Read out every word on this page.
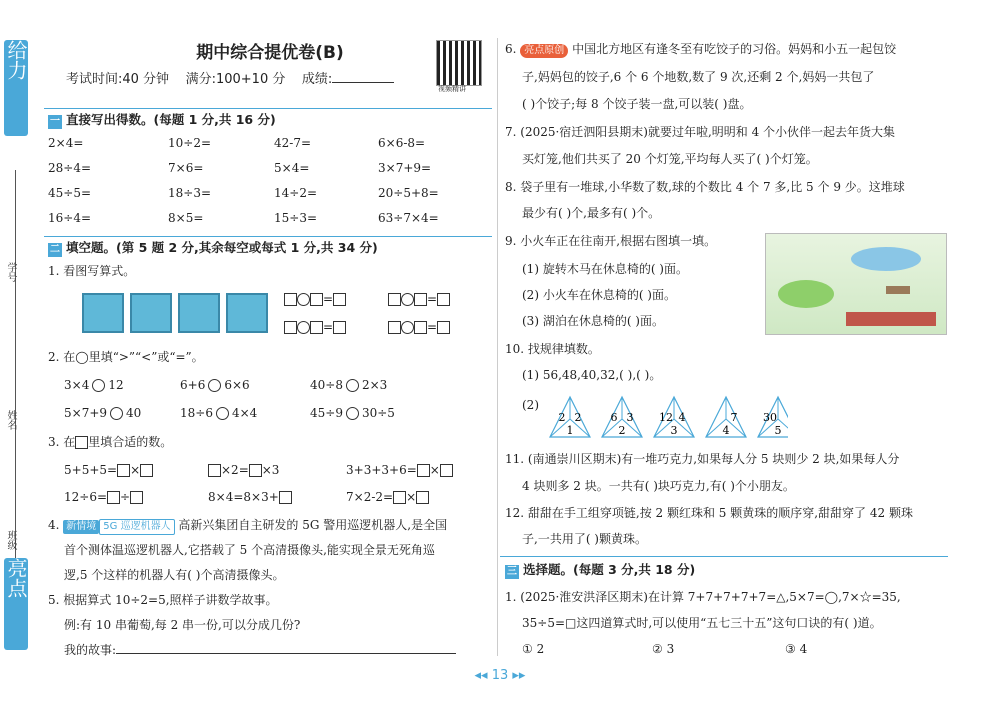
给力
学号
姓名
班级
亮点
期中综合提优卷(B)
考试时间:40 分钟    满分:100+10 分    成绩:
视频精讲
一 直接写出得数。(每题 1 分,共 16 分)
2×4=	10÷2=	42-7=	6×6-8=
28÷4=	7×6=	5×4=	3×7+9=
45÷5=	18÷3=	14÷2=	20÷5+8=
16÷4=	8×5=	15÷3=	63÷7×4=
二 填空题。(第 5 题 2 分,其余每空或每式 1 分,共 34 分)
1. 看图写算式。
=	=
=	=
2. 在◯里填“>”“<”或“=”。
3×4 12	6+6 6×6	40÷8 2×3
5×7+9 40	18÷6 4×4	45÷9 30÷5
3. 在 里填合适的数。
5+5+5= ×	×2= ×3	3+3+3+6= ×
12÷6= ÷	8×4=8×3+	7×2-2= ×
4. 新情境 5G 巡逻机器人 高新兴集团自主研发的 5G 警用巡逻机器人,是全国
首个测体温巡逻机器人,它搭载了 5 个高清摄像头,能实现全景无死角巡
逻,5 个这样的机器人有( )个高清摄像头。
5. 根据算式 10÷2=5,照样子讲数学故事。
例:有 10 串葡萄,每 2 串一份,可以分成几份?
我的故事:
6. 亮点原创 中国北方地区有逢冬至有吃饺子的习俗。妈妈和小五一起包饺
子,妈妈包的饺子,6 个 6 个地数,数了 9 次,还剩 2 个,妈妈一共包了
( )个饺子;每 8 个饺子装一盘,可以装( )盘。
7. (2025·宿迁泗阳县期末)就要过年啦,明明和 4 个小伙伴一起去年货大集
买灯笼,他们共买了 20 个灯笼,平均每人买了( )个灯笼。
8. 袋子里有一堆球,小华数了数,球的个数比 4 个 7 多,比 5 个 9 少。这堆球
最少有( )个,最多有( )个。
9. 小火车正在往南开,根据右图填一填。
(1) 旋转木马在休息椅的( )面。
(2) 小火车在休息椅的( )面。
(3) 湖泊在休息椅的( )面。
10. 找规律填数。
(1) 56,48,40,32,( ),( )。
(2)
2 2
1
6 3
2
12 4
3
7
4
30
5
11. (南通崇川区期末)有一堆巧克力,如果每人分 5 块则少 2 块,如果每人分
4 块则多 2 块。一共有( )块巧克力,有( )个小朋友。
12. 甜甜在手工组穿项链,按 2 颗红珠和 5 颗黄珠的顺序穿,甜甜穿了 42 颗珠
子,一共用了( )颗黄珠。
三 选择题。(每题 3 分,共 18 分)
1. (2025·淮安洪泽区期末)在计算 7+7+7+7+7=△,5×7=◯,7×☆=35,
35÷5=□这四道算式时,可以使用“五七三十五”这句口诀的有( )道。
① 2	② 3	③ 4
◂◂ 13 ▸▸
